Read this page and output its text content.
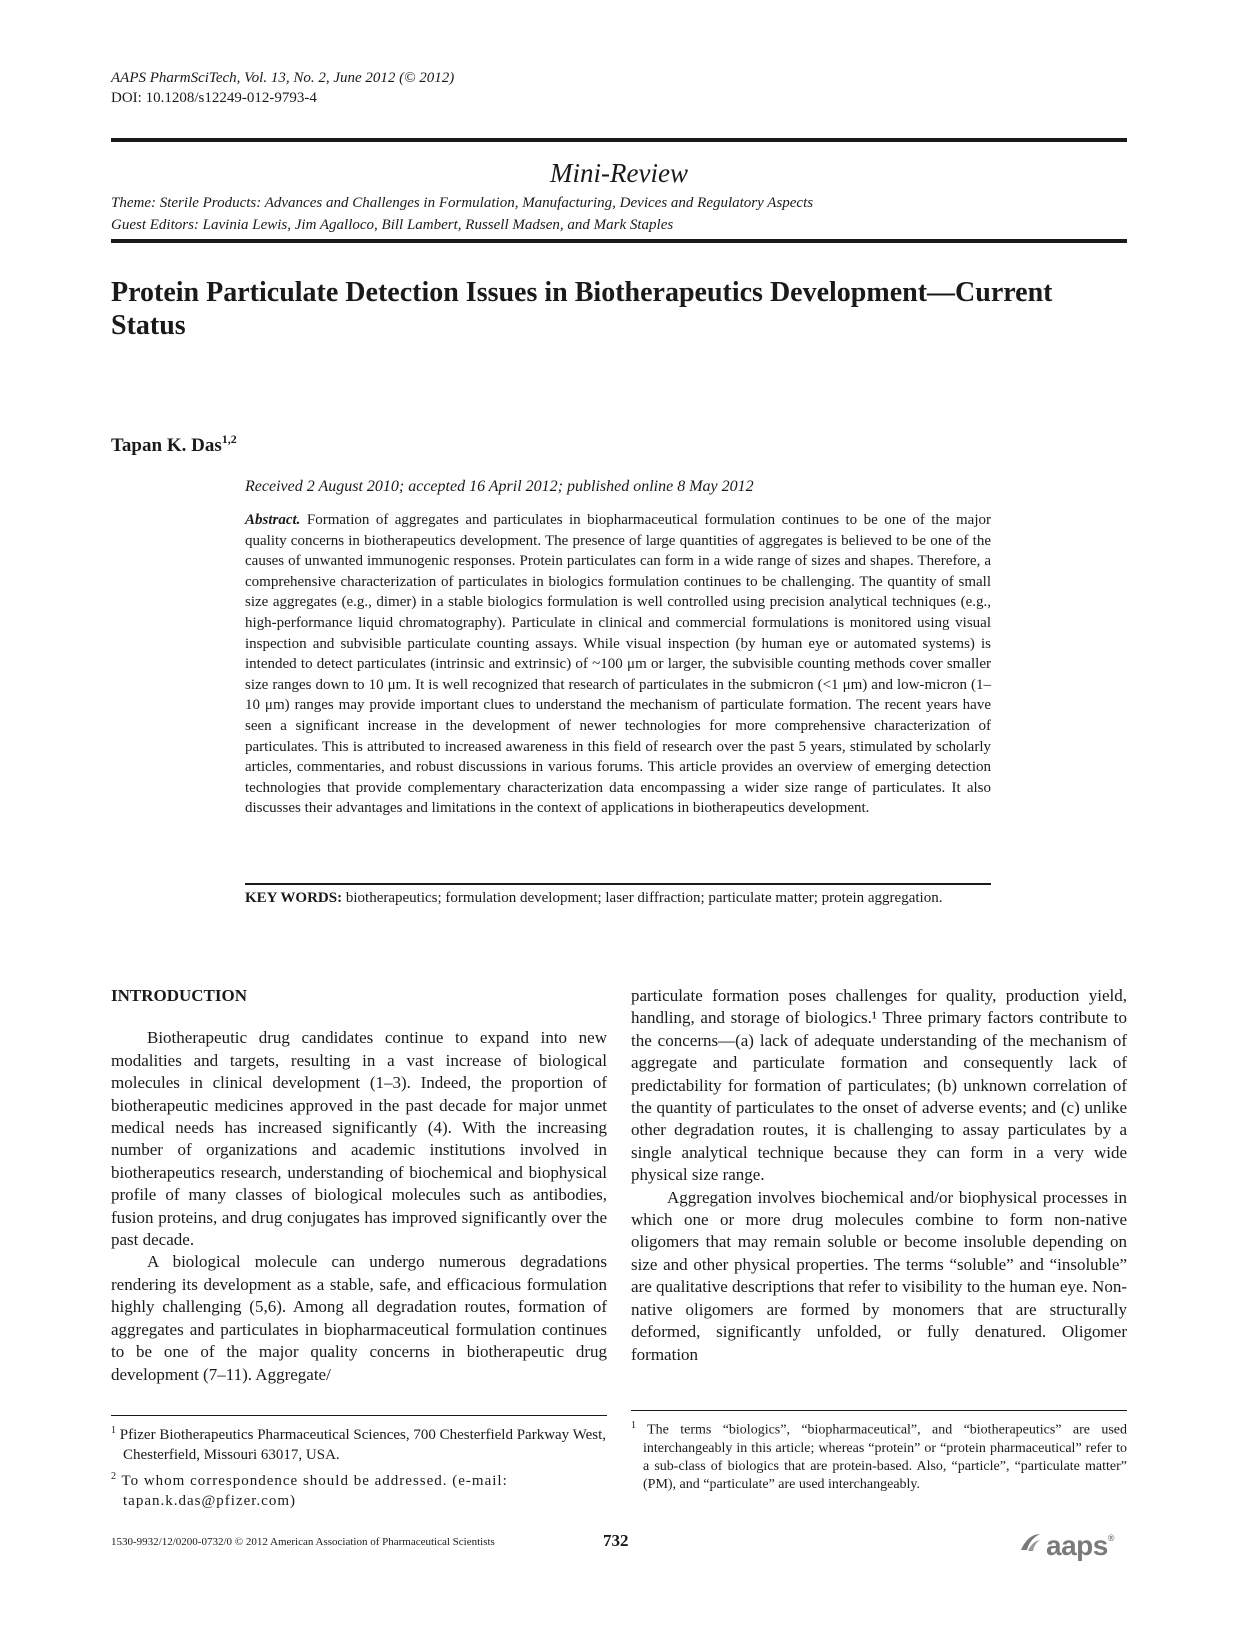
AAPS PharmSciTech, Vol. 13, No. 2, June 2012 (© 2012)
DOI: 10.1208/s12249-012-9793-4
Mini-Review
Theme: Sterile Products: Advances and Challenges in Formulation, Manufacturing, Devices and Regulatory Aspects
Guest Editors: Lavinia Lewis, Jim Agalloco, Bill Lambert, Russell Madsen, and Mark Staples
Protein Particulate Detection Issues in Biotherapeutics Development—Current Status
Tapan K. Das$^{1,2}$
Received 2 August 2010; accepted 16 April 2012; published online 8 May 2012
Abstract. Formation of aggregates and particulates in biopharmaceutical formulation continues to be one of the major quality concerns in biotherapeutics development. The presence of large quantities of aggregates is believed to be one of the causes of unwanted immunogenic responses. Protein particulates can form in a wide range of sizes and shapes. Therefore, a comprehensive characterization of particulates in biologics formulation continues to be challenging. The quantity of small size aggregates (e.g., dimer) in a stable biologics formulation is well controlled using precision analytical techniques (e.g., high-performance liquid chromatography). Particulate in clinical and commercial formulations is monitored using visual inspection and subvisible particulate counting assays. While visual inspection (by human eye or automated systems) is intended to detect particulates (intrinsic and extrinsic) of ~100 μm or larger, the subvisible counting methods cover smaller size ranges down to 10 μm. It is well recognized that research of particulates in the submicron (<1 μm) and low-micron (1–10 μm) ranges may provide important clues to understand the mechanism of particulate formation. The recent years have seen a significant increase in the development of newer technologies for more comprehensive characterization of particulates. This is attributed to increased awareness in this field of research over the past 5 years, stimulated by scholarly articles, commentaries, and robust discussions in various forums. This article provides an overview of emerging detection technologies that provide complementary characterization data encompassing a wider size range of particulates. It also discusses their advantages and limitations in the context of applications in biotherapeutics development.
KEY WORDS: biotherapeutics; formulation development; laser diffraction; particulate matter; protein aggregation.
INTRODUCTION

Biotherapeutic drug candidates continue to expand into new modalities and targets, resulting in a vast increase of biological molecules in clinical development (1–3). Indeed, the proportion of biotherapeutic medicines approved in the past decade for major unmet medical needs has increased significantly (4). With the increasing number of organizations and academic institutions involved in biotherapeutics research, understanding of biochemical and biophysical profile of many classes of biological molecules such as antibodies, fusion proteins, and drug conjugates has improved significantly over the past decade.

A biological molecule can undergo numerous degradations rendering its development as a stable, safe, and efficacious formulation highly challenging (5,6). Among all degradation routes, formation of aggregates and particulates in biopharmaceutical formulation continues to be one of the major quality concerns in biotherapeutic drug development (7–11). Aggregate/

particulate formation poses challenges for quality, production yield, handling, and storage of biologics.¹ Three primary factors contribute to the concerns—(a) lack of adequate understanding of the mechanism of aggregate and particulate formation and consequently lack of predictability for formation of particulates; (b) unknown correlation of the quantity of particulates to the onset of adverse events; and (c) unlike other degradation routes, it is challenging to assay particulates by a single analytical technique because they can form in a very wide physical size range.

Aggregation involves biochemical and/or biophysical processes in which one or more drug molecules combine to form non-native oligomers that may remain soluble or become insoluble depending on size and other physical properties. The terms “soluble” and “insoluble” are qualitative descriptions that refer to visibility to the human eye. Non-native oligomers are formed by monomers that are structurally deformed, significantly unfolded, or fully denatured. Oligomer formation

$^1$ Pfizer Biotherapeutics Pharmaceutical Sciences, 700 Chesterfield Parkway West, Chesterfield, Missouri 63017, USA.

$^2$ To whom correspondence should be addressed. (e-mail: tapan.k.das@pfizer.com)

$^1$ The terms “biologics”, “biopharmaceutical”, and “biotherapeutics” are used interchangeably in this article; whereas “protein” or “protein pharmaceutical” refer to a sub-class of biologics that are protein-based. Also, “particle”, “particulate matter” (PM), and “particulate” are used interchangeably.

1530-9932/12/0200-0732/0 © 2012 American Association of Pharmaceutical Scientists	732	aaps®
